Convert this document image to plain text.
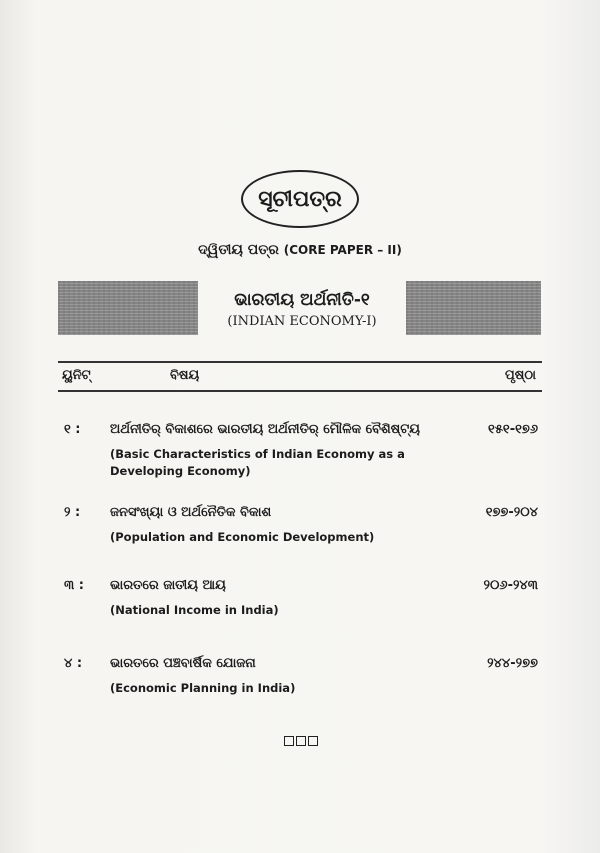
ସୂଚୀପତ୍ର
ଦ୍ୱିତୀୟ ପତ୍ର (CORE PAPER – II)
ଭାରତୀୟ ଅର୍ଥନୀତି-୧
(INDIAN ECONOMY-I)
ୟୁନିଟ୍	ବିଷୟ	ପୃଷ୍ଠା
୧ : ଅର୍ଥନୀତିର୍ ବିକାଶରେ ଭାରତୀୟ ଅର୍ଥନୀତିର୍ ମୌଳିକ ବୈଶିଷ୍ଟ୍ୟ	୧୫୧-୧୭୬
(Basic Characteristics of Indian Economy as a Developing Economy)
୨ : ଜନସଂଖ୍ୟା ଓ ଅର୍ଥନୈତିକ ବିକାଶ	୧୭୭-୨୦୪
(Population and Economic Development)
୩ : ଭାରତରେ ଜାତୀୟ ଆୟ	୨୦୬-୨୪୩
(National Income in India)
୪ : ଭାରତରେ ପଞ୍ଚବାର୍ଷିକ ଯୋଜନା	୨୪୪-୨୭୭
(Economic Planning in India)
